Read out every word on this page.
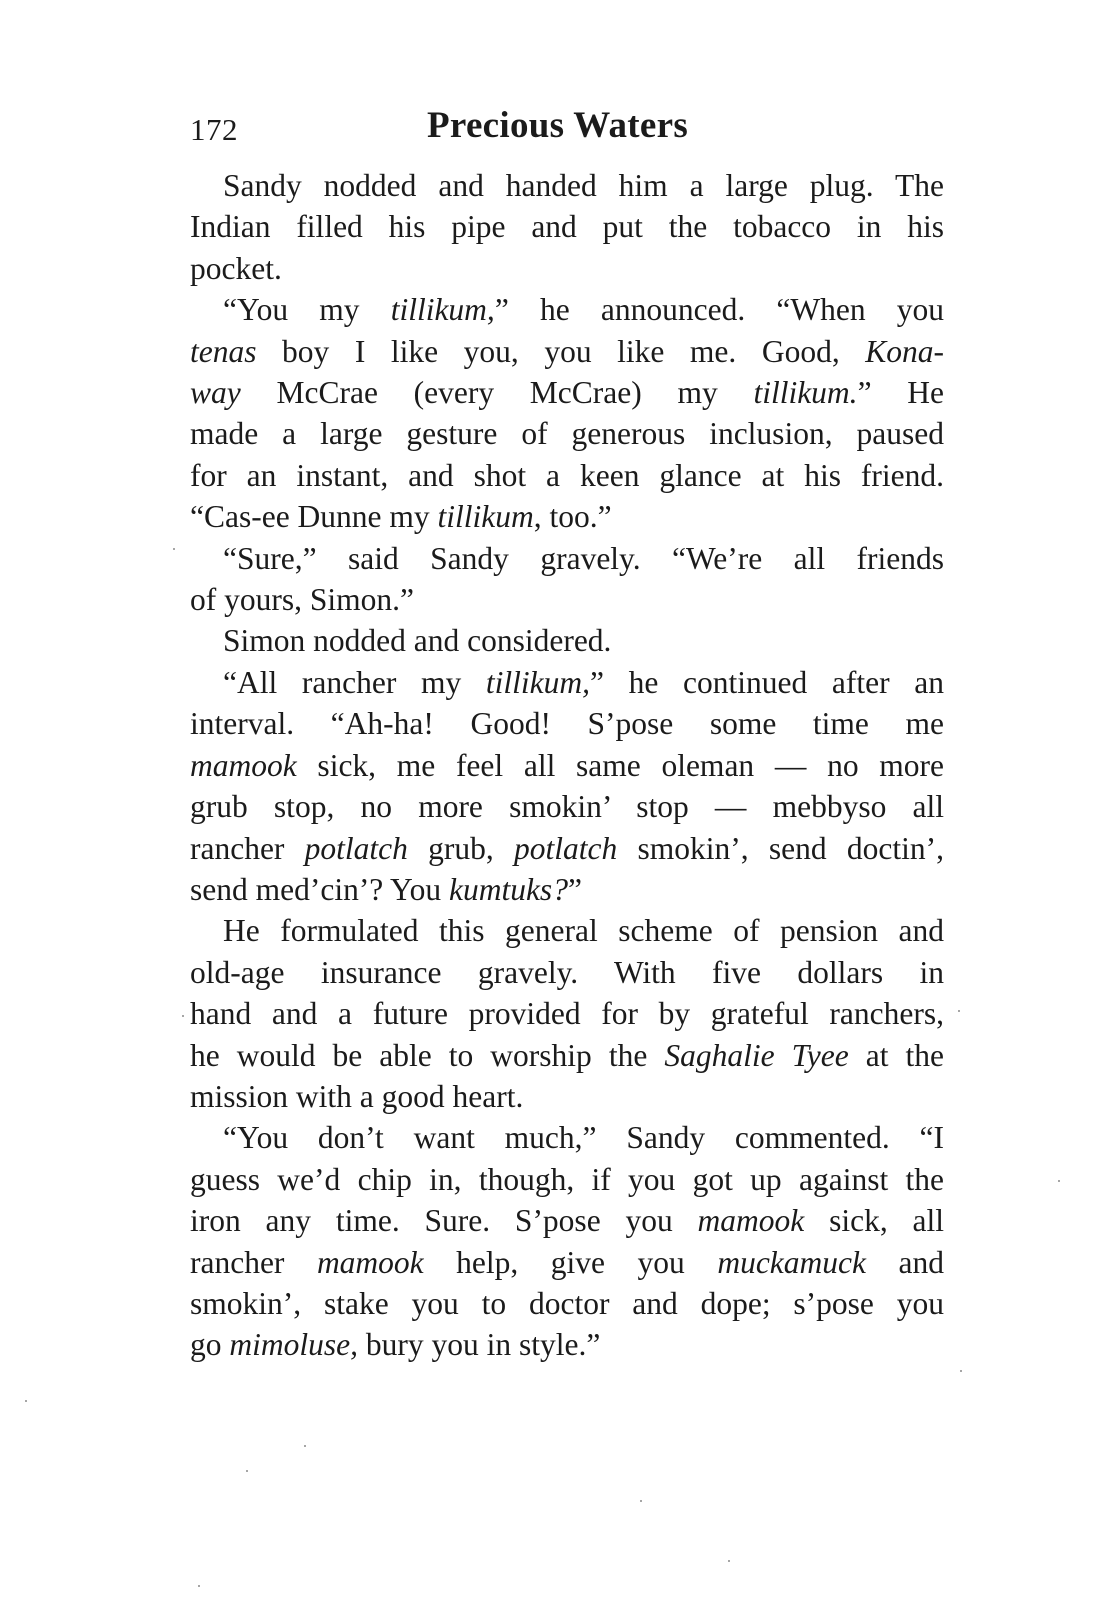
172	Precious Waters

Sandy nodded and handed him a large plug. The
Indian filled his pipe and put the tobacco in his
pocket.

“You my tillikum,” he announced. “When you
tenas boy I like you, you like me. Good, Kona-
way McCrae (every McCrae) my tillikum.” He
made a large gesture of generous inclusion, paused
for an instant, and shot a keen glance at his friend.
“Cas-ee Dunne my tillikum, too.”

“Sure,” said Sandy gravely. “We’re all friends
of yours, Simon.”

Simon nodded and considered.

“All rancher my tillikum,” he continued after an
interval. “Ah-ha! Good! S’pose some time me
mamook sick, me feel all same oleman — no more
grub stop, no more smokin’ stop — mebbyso all
rancher potlatch grub, potlatch smokin’, send doctin’,
send med’cin’? You kumtuks?”

He formulated this general scheme of pension and
old-age insurance gravely. With five dollars in
hand and a future provided for by grateful ranchers,
he would be able to worship the Saghalie Tyee at the
mission with a good heart.

“You don’t want much,” Sandy commented. “I
guess we’d chip in, though, if you got up against the
iron any time. Sure. S’pose you mamook sick, all
rancher mamook help, give you muckamuck and
smokin’, stake you to doctor and dope; s’pose you
go mimoluse, bury you in style.”
